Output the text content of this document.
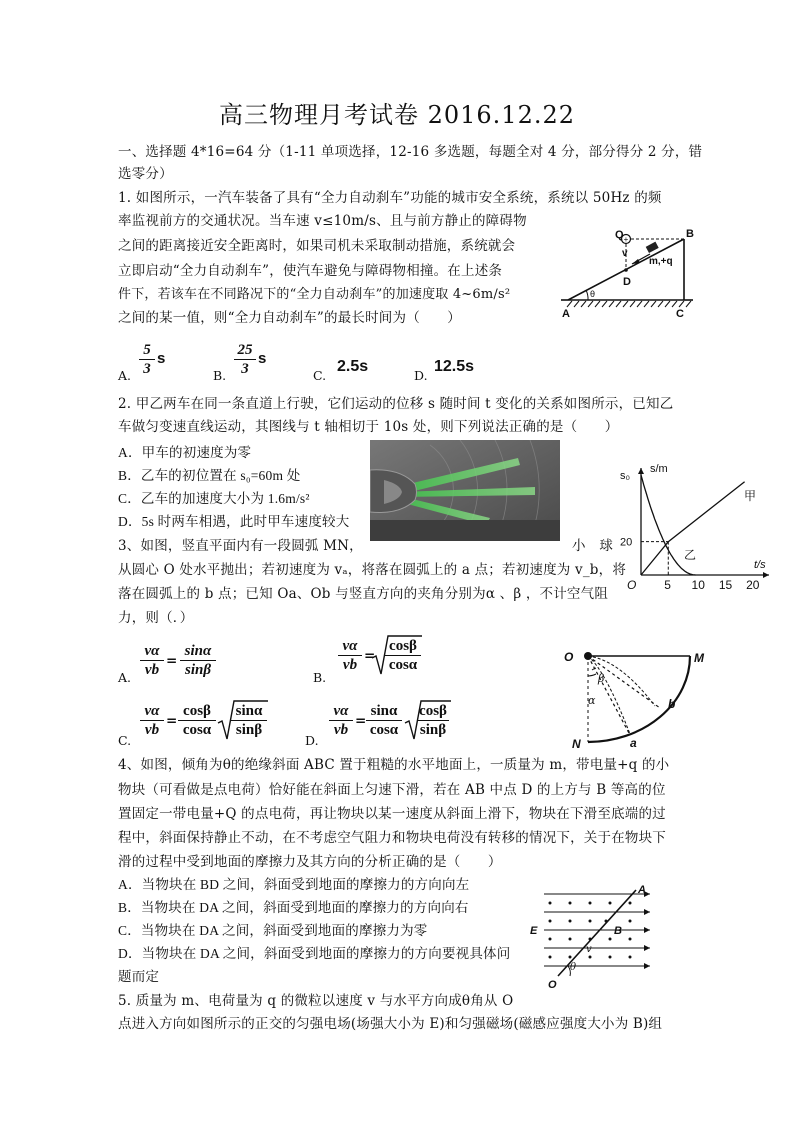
高三物理月考试卷 2016.12.22
一、选择题 4*16=64 分（1-11 单项选择，12-16 多选题，每题全对 4 分，部分得分 2 分，错
选零分）
1. 如图所示，一汽车装备了具有“全力自动刹车”功能的城市安全系统，系统以 50Hz 的频
率监视前方的交通状况。当车速 v≤10m/s、且与前方静止的障碍物
之间的距离接近安全距离时，如果司机未采取制动措施，系统就会
立即启动“全力自动刹车”，使汽车避免与障碍物相撞。在上述条
件下，若该车在不同路况下的“全力自动刹车”的加速度取 4~6m/s²
之间的某一值，则“全力自动刹车”的最长时间为（　　）
+
Q	B
v
m,+q
D
θ
A	C
A.
5
3
s
B.
25
3
s
C.
2.5s
D.
12.5s
2. 甲乙两车在同一条直道上行驶，它们运动的位移 s 随时间 t 变化的关系如图所示，已知乙
车做匀变速直线运动，其图线与 t 轴相切于 10s 处，则下列说法正确的是（　　）
A．甲车的初速度为零
B．乙车的初位置在 s₀=60m 处
C．乙车的加速度大小为 1.6m/s²
D．5s 时两车相遇，此时甲车速度较大
O 5 10 15 20
s₀
20
s/m
t/s
甲
乙
3、如图，竖直平面内有一段圆弧 MN，	小　球
从圆心 O 处水平抛出；若初速度为 vₐ，将落在圆弧上的 a 点；若初速度为 v_b，将
落在圆弧上的 b 点；已知 Oa、Ob 与竖直方向的夹角分别为α 、β ，不计空气阻
力，则（．）
A.
vα
vb
=
sinα
sinβ	B.
vα
vb
=
cosβ
cosα
C.
vα
vb
=
cosβ
cosα
sinα
sinβ
D.
vα
vb
=
sinα
cosα
cosβ
sinβ
O	M
β
α	b
N	a
4、如图，倾角为θ的绝缘斜面 ABC 置于粗糙的水平地面上，一质量为 m，带电量+q 的小
物块（可看做是点电荷）恰好能在斜面上匀速下滑，若在 AB 中点 D 的上方与 B 等高的位
置固定一带电量+Q 的点电荷，再让物块以某一速度从斜面上滑下，物块在下滑至底端的过
程中，斜面保持静止不动，在不考虑空气阻力和物块电荷没有转移的情况下，关于在物块下
滑的过程中受到地面的摩擦力及其方向的分析正确的是（　　）
A．当物块在 BD 之间，斜面受到地面的摩擦力的方向向左
B．当物块在 DA 之间，斜面受到地面的摩擦力的方向向右
C．当物块在 DA 之间，斜面受到地面的摩擦力为零
D．当物块在 DA 之间，斜面受到地面的摩擦力的方向要视具体问
题而定
A
E	B
v
θ
O
5. 质量为 m、电荷量为 q 的微粒以速度 v 与水平方向成θ角从 O
点进入方向如图所示的正交的匀强电场(场强大小为 E)和匀强磁场(磁感应强度大小为 B)组
